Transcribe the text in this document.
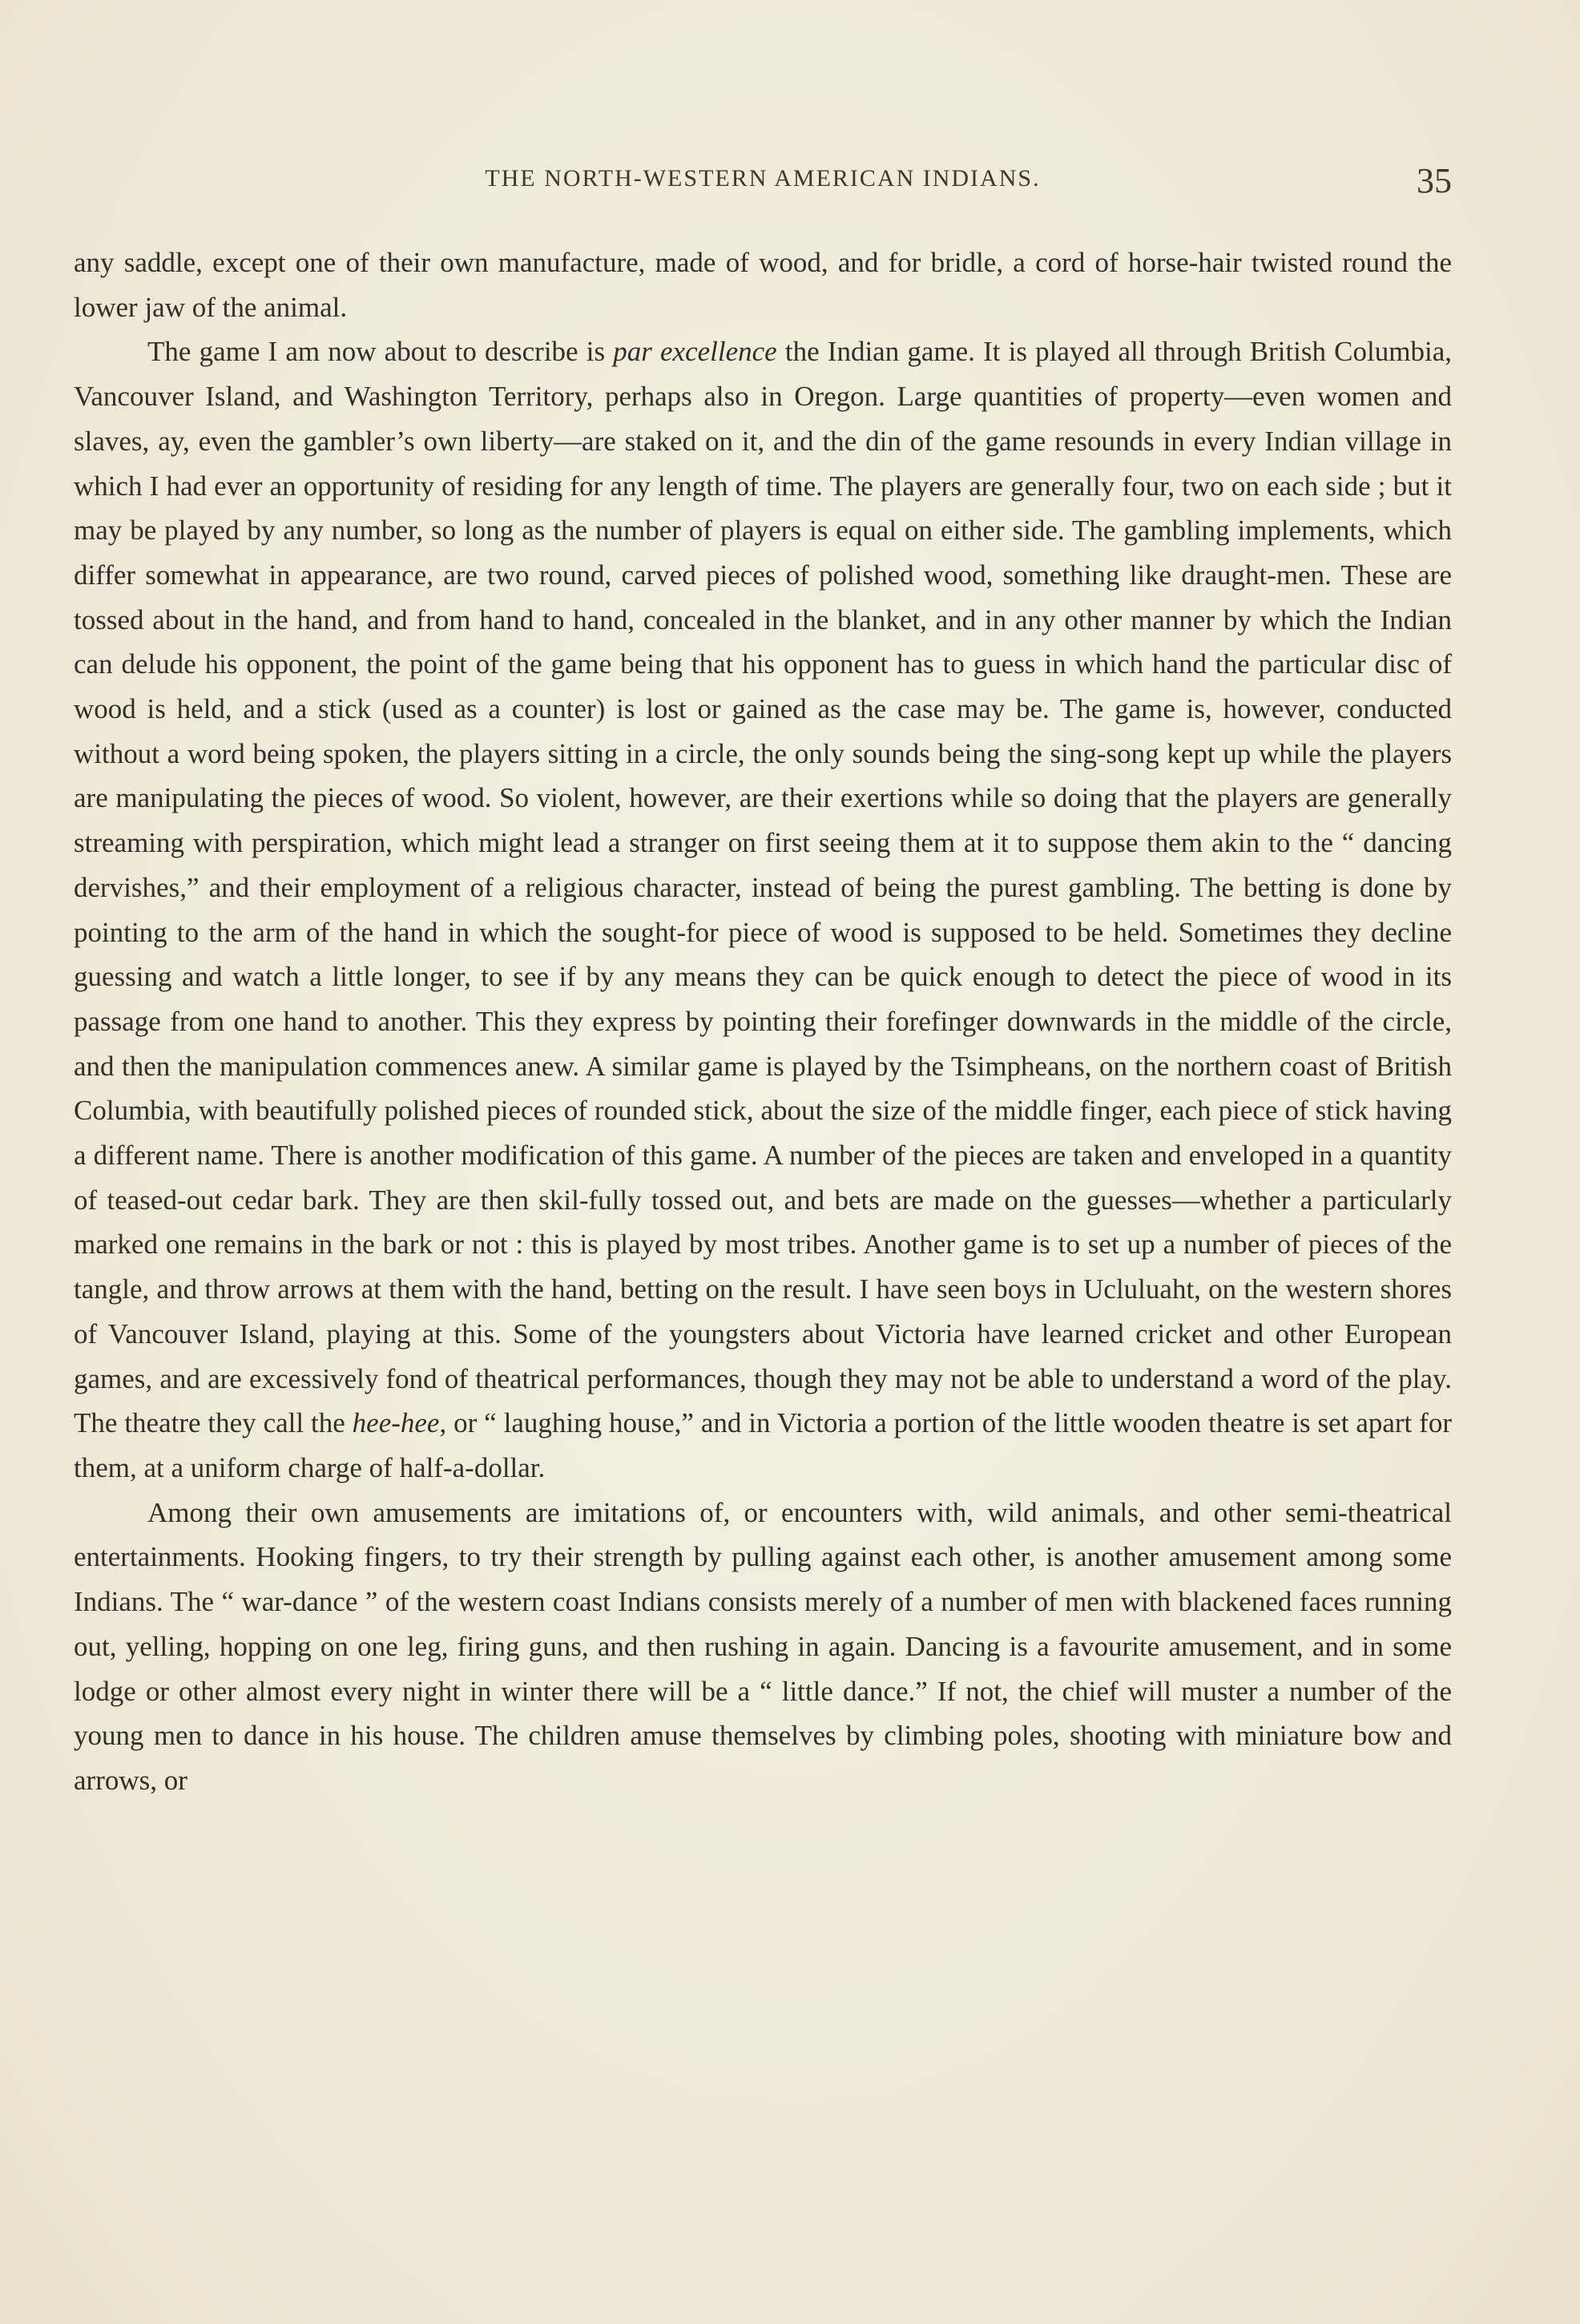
THE NORTH-WESTERN AMERICAN INDIANS.	35

any saddle, except one of their own manufacture, made of wood, and for bridle, a cord of horse-hair twisted round the lower jaw of the animal.

The game I am now about to describe is par excellence the Indian game. It is played all through British Columbia, Vancouver Island, and Washington Territory, perhaps also in Oregon. Large quantities of property—even women and slaves, ay, even the gambler’s own liberty—are staked on it, and the din of the game resounds in every Indian village in which I had ever an opportunity of residing for any length of time. The players are generally four, two on each side ; but it may be played by any number, so long as the number of players is equal on either side. The gambling implements, which differ somewhat in appearance, are two round, carved pieces of polished wood, something like draught-men. These are tossed about in the hand, and from hand to hand, concealed in the blanket, and in any other manner by which the Indian can delude his opponent, the point of the game being that his opponent has to guess in which hand the particular disc of wood is held, and a stick (used as a counter) is lost or gained as the case may be. The game is, however, conducted without a word being spoken, the players sitting in a circle, the only sounds being the sing-song kept up while the players are manipulating the pieces of wood. So violent, however, are their exertions while so doing that the players are generally streaming with perspiration, which might lead a stranger on first seeing them at it to suppose them akin to the “ dancing dervishes,” and their employment of a religious character, instead of being the purest gambling. The betting is done by pointing to the arm of the hand in which the sought-for piece of wood is supposed to be held. Sometimes they decline guessing and watch a little longer, to see if by any means they can be quick enough to detect the piece of wood in its passage from one hand to another. This they express by pointing their forefinger downwards in the middle of the circle, and then the manipulation commences anew. A similar game is played by the Tsimpheans, on the northern coast of British Columbia, with beautifully polished pieces of rounded stick, about the size of the middle finger, each piece of stick having a different name. There is another modification of this game. A number of the pieces are taken and enveloped in a quantity of teased-out cedar bark. They are then skil-fully tossed out, and bets are made on the guesses—whether a particularly marked one remains in the bark or not : this is played by most tribes. Another game is to set up a number of pieces of the tangle, and throw arrows at them with the hand, betting on the result. I have seen boys in Ucluluaht, on the western shores of Vancouver Island, playing at this. Some of the youngsters about Victoria have learned cricket and other European games, and are excessively fond of theatrical performances, though they may not be able to understand a word of the play. The theatre they call the hee-hee, or “ laughing house,” and in Victoria a portion of the little wooden theatre is set apart for them, at a uniform charge of half-a-dollar.

Among their own amusements are imitations of, or encounters with, wild animals, and other semi-theatrical entertainments. Hooking fingers, to try their strength by pulling against each other, is another amusement among some Indians. The “ war-dance ” of the western coast Indians consists merely of a number of men with blackened faces running out, yelling, hopping on one leg, firing guns, and then rushing in again. Dancing is a favourite amusement, and in some lodge or other almost every night in winter there will be a “ little dance.” If not, the chief will muster a number of the young men to dance in his house. The children amuse themselves by climbing poles, shooting with miniature bow and arrows, or
